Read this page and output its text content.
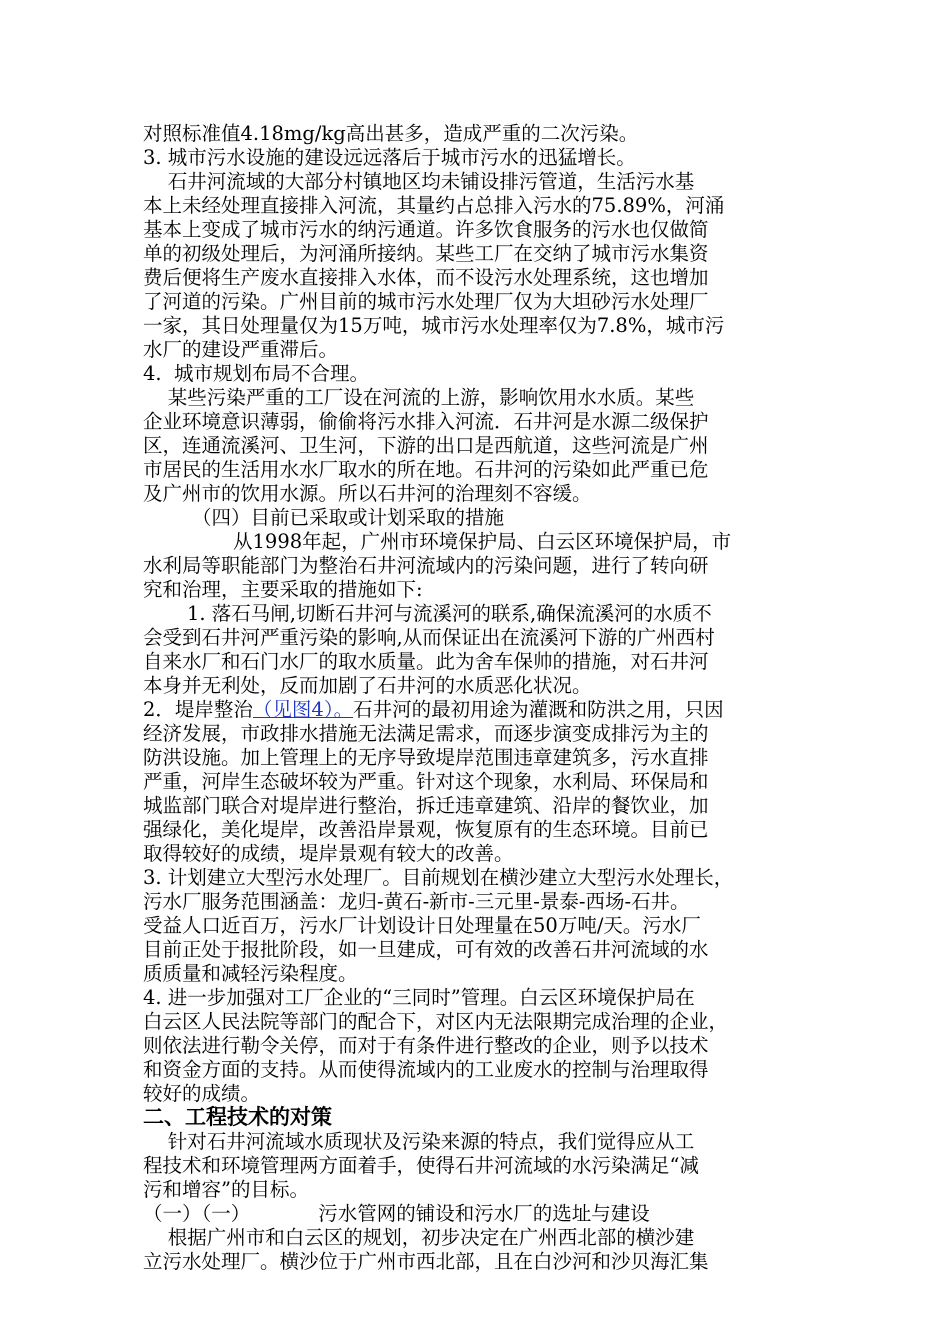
对照标准值4.18mg/kg高出甚多，造成严重的二次污染。
3. 城市污水设施的建设远远落后于城市污水的迅猛增长。
石井河流域的大部分村镇地区均未铺设排污管道，生活污水基
本上未经处理直接排入河流，其量约占总排入污水的75.89%，河涌
基本上变成了城市污水的纳污通道。许多饮食服务的污水也仅做简
单的初级处理后，为河涌所接纳。某些工厂在交纳了城市污水集资
费后便将生产废水直接排入水体，而不设污水处理系统，这也增加
了河道的污染。广州目前的城市污水处理厂仅为大坦砂污水处理厂
一家，其日处理量仅为15万吨，城市污水处理率仅为7.8%，城市污
水厂的建设严重滞后。
4.  城市规划布局不合理。
某些污染严重的工厂设在河流的上游，影响饮用水水质。某些
企业环境意识薄弱，偷偷将污水排入河流．石井河是水源二级保护
区，连通流溪河、卫生河，下游的出口是西航道，这些河流是广州
市居民的生活用水水厂取水的所在地。石井河的污染如此严重已危
及广州市的饮用水源。所以石井河的治理刻不容缓。
（四）目前已采取或计划采取的措施
从1998年起，广州市环境保护局、白云区环境保护局，市
水利局等职能部门为整治石井河流域内的污染问题，进行了转向研
究和治理，主要采取的措施如下:
1. 落石马闸,切断石井河与流溪河的联系,确保流溪河的水质不
会受到石井河严重污染的影响,从而保证出在流溪河下游的广州西村
自来水厂和石门水厂的取水质量。此为舍车保帅的措施，对石井河
本身并无利处，反而加剧了石井河的水质恶化状况。
2．堤岸整治（见图4）。石井河的最初用途为灌溉和防洪之用，只因
经济发展，市政排水措施无法满足需求，而逐步演变成排污为主的
防洪设施。加上管理上的无序导致堤岸范围违章建筑多，污水直排
严重，河岸生态破坏较为严重。针对这个现象，水利局、环保局和
城监部门联合对堤岸进行整治，拆迁违章建筑、沿岸的餐饮业，加
强绿化，美化堤岸，改善沿岸景观，恢复原有的生态环境。目前已
取得较好的成绩，堤岸景观有较大的改善。
3. 计划建立大型污水处理厂。目前规划在横沙建立大型污水处理长，
污水厂服务范围涵盖：龙归-黄石-新市-三元里-景泰-西场-石井。
受益人口近百万，污水厂计划设计日处理量在50万吨/天。污水厂
目前正处于报批阶段，如一旦建成，可有效的改善石井河流域的水
质质量和减轻污染程度。
4. 进一步加强对工厂企业的“三同时”管理。白云区环境保护局在
白云区人民法院等部门的配合下，对区内无法限期完成治理的企业，
则依法进行勒令关停，而对于有条件进行整改的企业，则予以技术
和资金方面的支持。从而使得流域内的工业废水的控制与治理取得
较好的成绩。
二、工程技术的对策
针对石井河流域水质现状及污染来源的特点，我们觉得应从工
程技术和环境管理两方面着手，使得石井河流域的水污染满足“减
污和增容”的目标。
（一）（一）	污水管网的铺设和污水厂的选址与建设
根据广州市和白云区的规划，初步决定在广州西北部的横沙建
立污水处理厂。横沙位于广州市西北部，且在白沙河和沙贝海汇集
